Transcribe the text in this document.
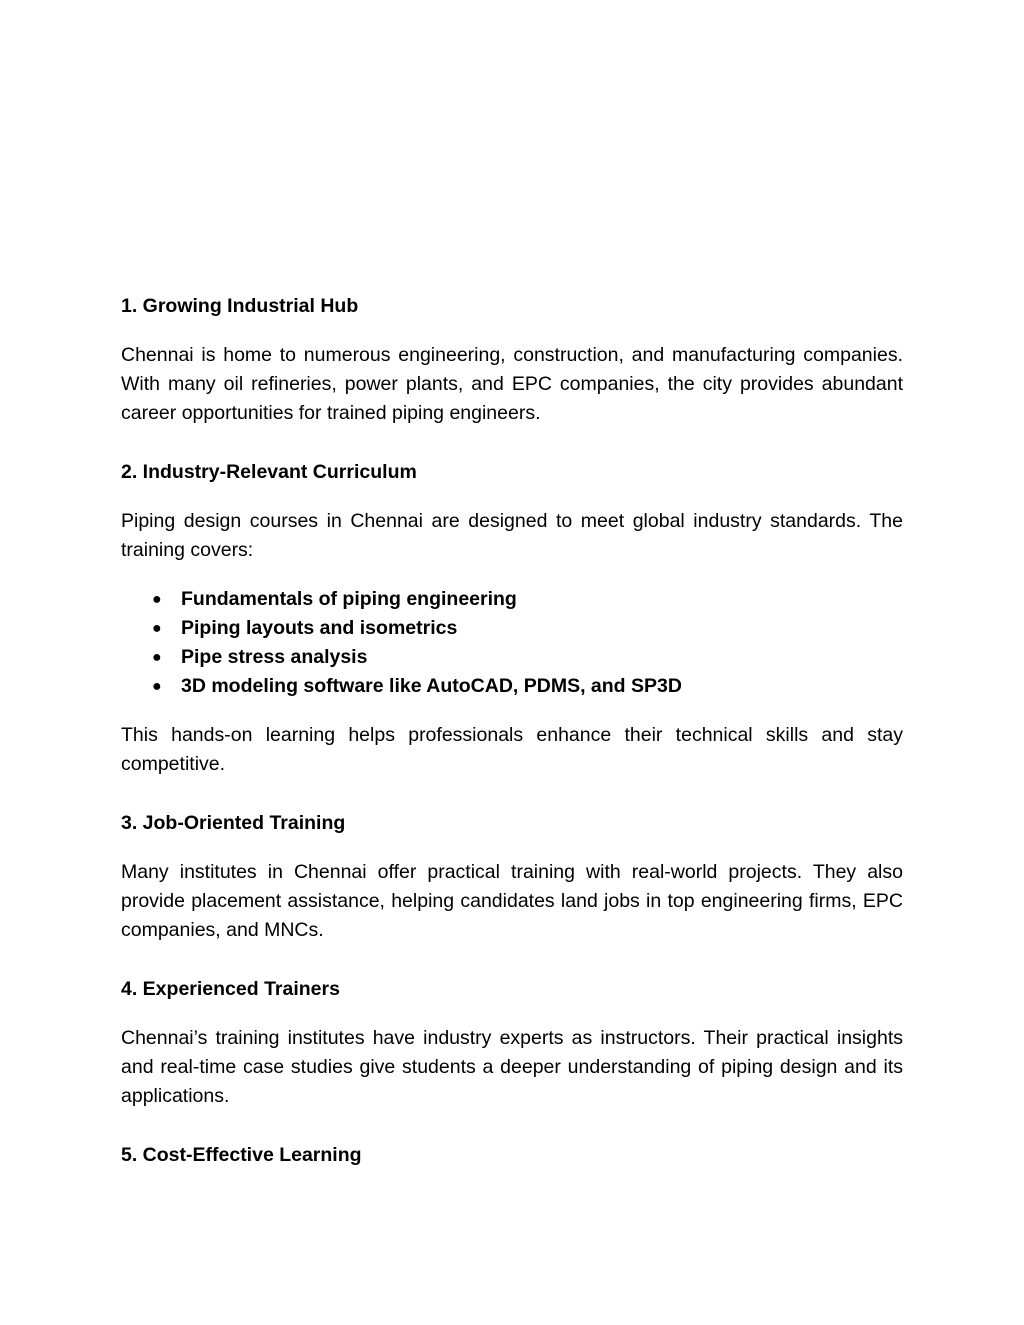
1. Growing Industrial Hub

Chennai is home to numerous engineering, construction, and manufacturing companies. With many oil refineries, power plants, and EPC companies, the city provides abundant career opportunities for trained piping engineers.

2. Industry-Relevant Curriculum

Piping design courses in Chennai are designed to meet global industry standards. The training covers:

● Fundamentals of piping engineering
● Piping layouts and isometrics
● Pipe stress analysis
● 3D modeling software like AutoCAD, PDMS, and SP3D

This hands-on learning helps professionals enhance their technical skills and stay competitive.

3. Job-Oriented Training

Many institutes in Chennai offer practical training with real-world projects. They also provide placement assistance, helping candidates land jobs in top engineering firms, EPC companies, and MNCs.

4. Experienced Trainers

Chennai’s training institutes have industry experts as instructors. Their practical insights and real-time case studies give students a deeper understanding of piping design and its applications.

5. Cost-Effective Learning
